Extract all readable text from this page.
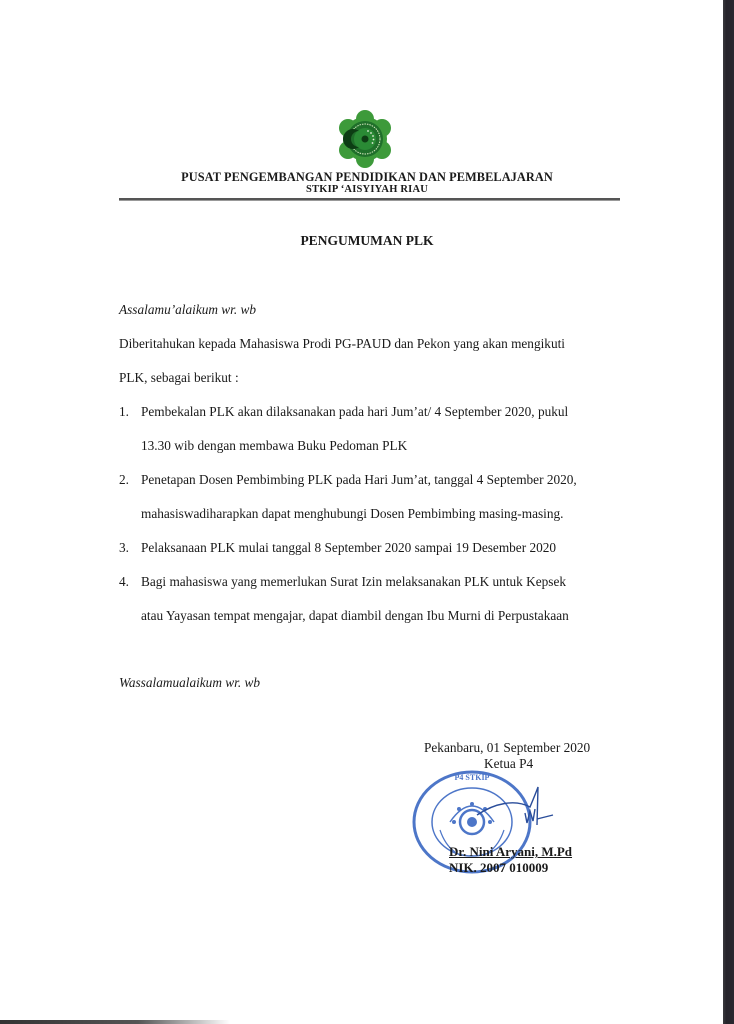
PUSAT PENGEMBANGAN PENDIDIKAN DAN PEMBELAJARAN
STKIP ‘AISYIYAH RIAU
PENGUMUMAN PLK
Assalamu’alaikum wr. wb
Diberitahukan kepada Mahasiswa Prodi PG-PAUD dan Pekon yang akan mengikuti
PLK, sebagai berikut :
1. Pembekalan PLK akan dilaksanakan pada hari Jum’at/ 4 September 2020, pukul
13.30 wib dengan membawa Buku Pedoman PLK
2. Penetapan Dosen Pembimbing PLK pada Hari Jum’at, tanggal 4 September 2020,
mahasiswadiharapkan dapat menghubungi Dosen Pembimbing masing-masing.
3. Pelaksanaan PLK mulai tanggal 8 September 2020 sampai 19 Desember 2020
4. Bagi mahasiswa yang memerlukan Surat Izin melaksanakan PLK untuk Kepsek
atau Yayasan tempat mengajar, dapat diambil dengan Ibu Murni di Perpustakaan
Wassalamualaikum wr. wb
P4 STKIP
Pekanbaru, 01 September 2020
Ketua P4
Dr. Nini Aryani, M.Pd
NIK. 2007 010009
